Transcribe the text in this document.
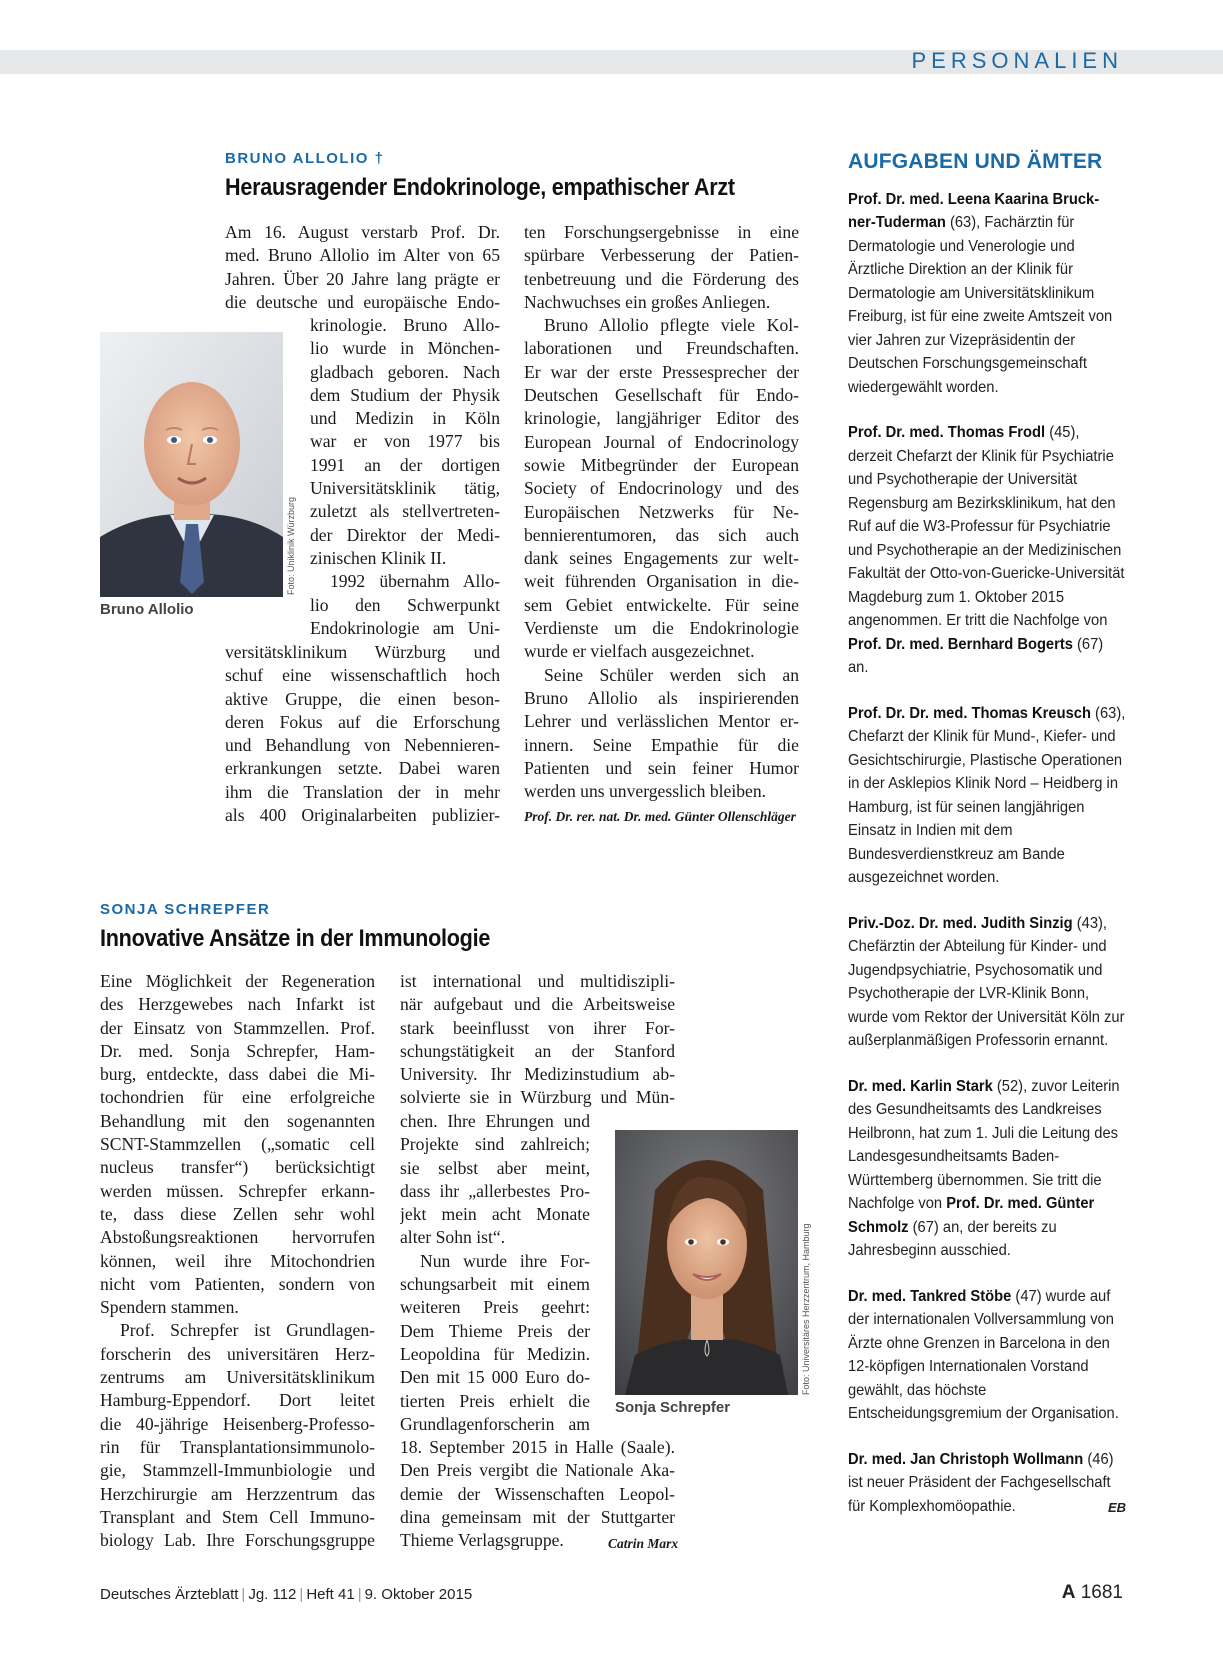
PERSONALIEN
BRUNO ALLOLIO †
Herausragender Endokrinologe, empathischer Arzt
Am 16. August verstarb Prof. Dr.
med. Bruno Allolio im Alter von 65
Jahren. Über 20 Jahre lang prägte er
die deutsche und europäische Endo-
krinologie. Bruno Allo-
lio wurde in Mönchen-
gladbach geboren. Nach
dem Studium der Physik
und Medizin in Köln
war er von 1977 bis
1991 an der dortigen
Universitätsklinik tätig,
zuletzt als stellvertreten-
der Direktor der Medi-
zinischen Klinik II.
1992 übernahm Allo-
lio den Schwerpunkt
Endokrinologie am Uni-
versitätsklinikum Würzburg und
schuf eine wissenschaftlich hoch
aktive Gruppe, die einen beson-
deren Fokus auf die Erforschung
und Behandlung von Nebennieren-
erkrankungen setzte. Dabei waren
ihm die Translation der in mehr
als 400 Originalarbeiten publizier-
ten Forschungsergebnisse in eine
spürbare Verbesserung der Patien-
tenbetreuung und die Förderung des
Nachwuchses ein großes Anliegen.
Bruno Allolio pflegte viele Kol-
laborationen und Freundschaften.
Er war der erste Pressesprecher der
Deutschen Gesellschaft für Endo-
krinologie, langjähriger Editor des
European Journal of Endocrinology
sowie Mitbegründer der European
Society of Endocrinology und des
Europäischen Netzwerks für Ne-
bennierentumoren, das sich auch
dank seines Engagements zur welt-
weit führenden Organisation in die-
sem Gebiet entwickelte. Für seine
Verdienste um die Endokrinologie
wurde er vielfach ausgezeichnet.
Seine Schüler werden sich an
Bruno Allolio als inspirierenden
Lehrer und verlässlichen Mentor er-
innern. Seine Empathie für die
Patienten und sein feiner Humor
werden uns unvergesslich bleiben.
Prof. Dr. rer. nat. Dr. med. Günter Ollenschläger
Foto: Uniklinik Würzburg
Bruno Allolio
SONJA SCHREPFER
Innovative Ansätze in der Immunologie
Eine Möglichkeit der Regeneration
des Herzgewebes nach Infarkt ist
der Einsatz von Stammzellen. Prof.
Dr. med. Sonja Schrepfer, Ham-
burg, entdeckte, dass dabei die Mi-
tochondrien für eine erfolgreiche
Behandlung mit den sogenannten
SCNT-Stammzellen („somatic cell
nucleus transfer“) berücksichtigt
werden müssen. Schrepfer erkann-
te, dass diese Zellen sehr wohl
Abstoßungsreaktionen hervorrufen
können, weil ihre Mitochondrien
nicht vom Patienten, sondern von
Spendern stammen.
Prof. Schrepfer ist Grundlagen-
forscherin des universitären Herz-
zentrums am Universitätsklinikum
Hamburg-Eppendorf. Dort leitet
die 40-jährige Heisenberg-Professo-
rin für Transplantationsimmunolo-
gie, Stammzell-Immunbiologie und
Herzchirurgie am Herzzentrum das
Transplant and Stem Cell Immuno-
biology Lab. Ihre Forschungsgruppe
ist international und multidiszipli-
när aufgebaut und die Arbeitsweise
stark beeinflusst von ihrer For-
schungstätigkeit an der Stanford
University. Ihr Medizinstudium ab-
solvierte sie in Würzburg und Mün-
chen. Ihre Ehrungen und
Projekte sind zahlreich;
sie selbst aber meint,
dass ihr „allerbestes Pro-
jekt mein acht Monate
alter Sohn ist“.
Nun wurde ihre For-
schungsarbeit mit einem
weiteren Preis geehrt:
Dem Thieme Preis der
Leopoldina für Medizin.
Den mit 15 000 Euro do-
tierten Preis erhielt die
Grundlagenforscherin am
18. September 2015 in Halle (Saale).
Den Preis vergibt die Nationale Aka-
demie der Wissenschaften Leopol-
dina gemeinsam mit der Stuttgarter
Thieme Verlagsgruppe.	Catrin Marx
Foto: Universitäres Herzzentrum, Hamburg
Sonja Schrepfer
AUFGABEN UND ÄMTER

Prof. Dr. med. Leena Kaarina Bruck-ner-Tuderman (63), Fachärztin für Dermatologie und Venerologie und Ärztliche Direktion an der Klinik für Dermatologie am Universitätsklinikum Freiburg, ist für eine zweite Amtszeit von vier Jahren zur Vizepräsidentin der Deutschen Forschungsgemeinschaft wiedergewählt worden.

Prof. Dr. med. Thomas Frodl (45), derzeit Chefarzt der Klinik für Psychiatrie und Psychotherapie der Universität Regensburg am Bezirksklinikum, hat den Ruf auf die W3-Professur für Psychiatrie und Psychotherapie an der Medizinischen Fakultät der Otto-von-Guericke-Universität Magdeburg zum 1. Oktober 2015 angenommen. Er tritt die Nachfolge von Prof. Dr. med. Bernhard Bogerts (67) an.

Prof. Dr. Dr. med. Thomas Kreusch (63), Chefarzt der Klinik für Mund-, Kiefer- und Gesichtschirurgie, Plastische Operationen in der Asklepios Klinik Nord – Heidberg in Hamburg, ist für seinen langjährigen Einsatz in Indien mit dem Bundesverdienstkreuz am Bande ausgezeichnet worden.

Priv.-Doz. Dr. med. Judith Sinzig (43), Chefärztin der Abteilung für Kinder- und Jugendpsychiatrie, Psychosomatik und Psychotherapie der LVR-Klinik Bonn, wurde vom Rektor der Universität Köln zur außerplanmäßigen Professorin ernannt.

Dr. med. Karlin Stark (52), zuvor Leiterin des Gesundheitsamts des Landkreises Heilbronn, hat zum 1. Juli die Leitung des Landesgesundheitsamts Baden-Württemberg übernommen. Sie tritt die Nachfolge von Prof. Dr. med. Günter Schmolz (67) an, der bereits zu Jahresbeginn ausschied.

Dr. med. Tankred Stöbe (47) wurde auf der internationalen Vollversammlung von Ärzte ohne Grenzen in Barcelona in den 12-köpfigen Internationalen Vorstand gewählt, das höchste Entscheidungsgremium der Organisation.

Dr. med. Jan Christoph Wollmann (46) ist neuer Präsident der Fachgesellschaft für Komplexhomöopathie.	EB
Deutsches Ärzteblatt | Jg. 112 | Heft 41 | 9. Oktober 2015	A 1681
